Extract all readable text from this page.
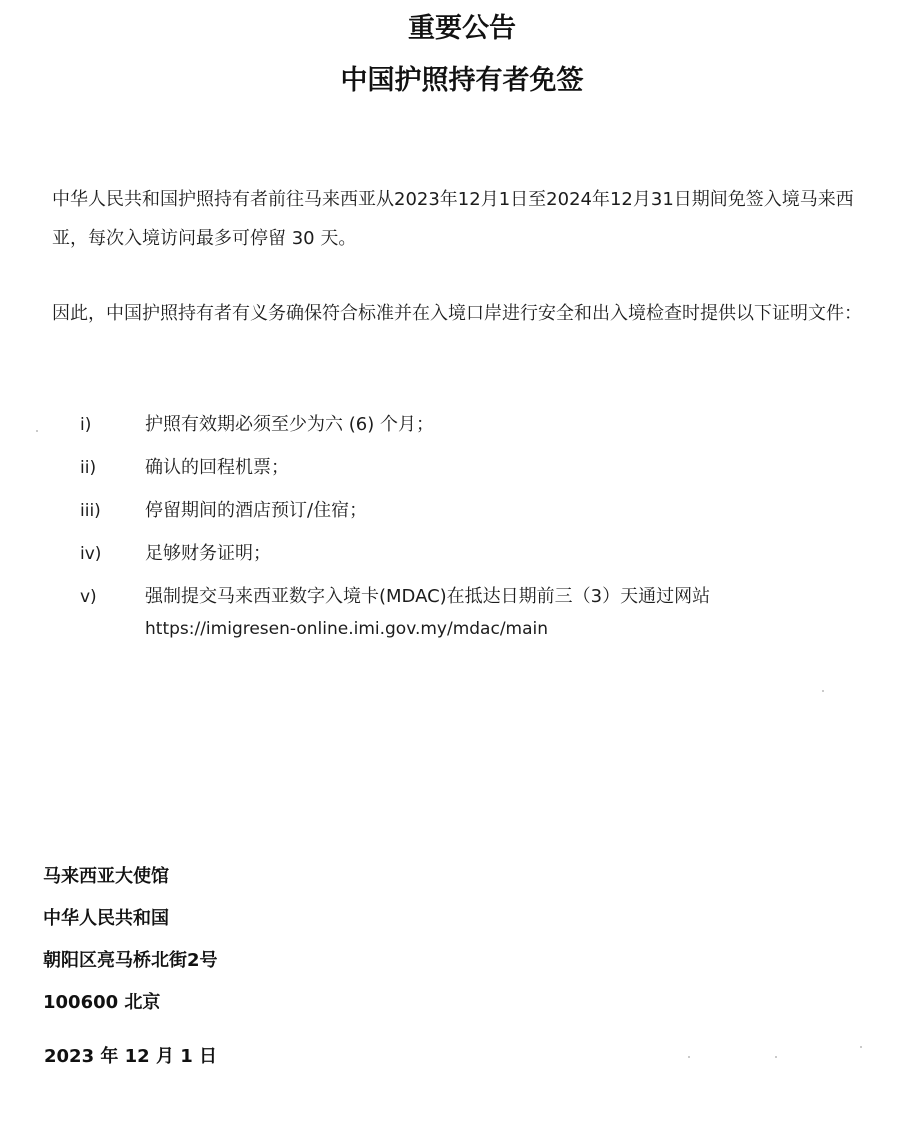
重要公告
中国护照持有者免签

中华人民共和国护照持有者前往马来西亚从2023年12月1日至2024年12月31日期间免签入境马来西亚，每次入境访问最多可停留 30 天。

因此，中国护照持有者有义务确保符合标准并在入境口岸进行安全和出入境检查时提供以下证明文件：

i)	护照有效期必须至少为六 (6) 个月；
ii)	确认的回程机票；
iii)	停留期间的酒店预订/住宿；
iv)	足够财务证明；
v)	强制提交马来西亚数字入境卡(MDAC)在抵达日期前三（3）天通过网站
https://imigresen-online.imi.gov.my/mdac/main
马来西亚大使馆
中华人民共和国
朝阳区亮马桥北街2号
100600 北京

2023 年 12 月 1 日
